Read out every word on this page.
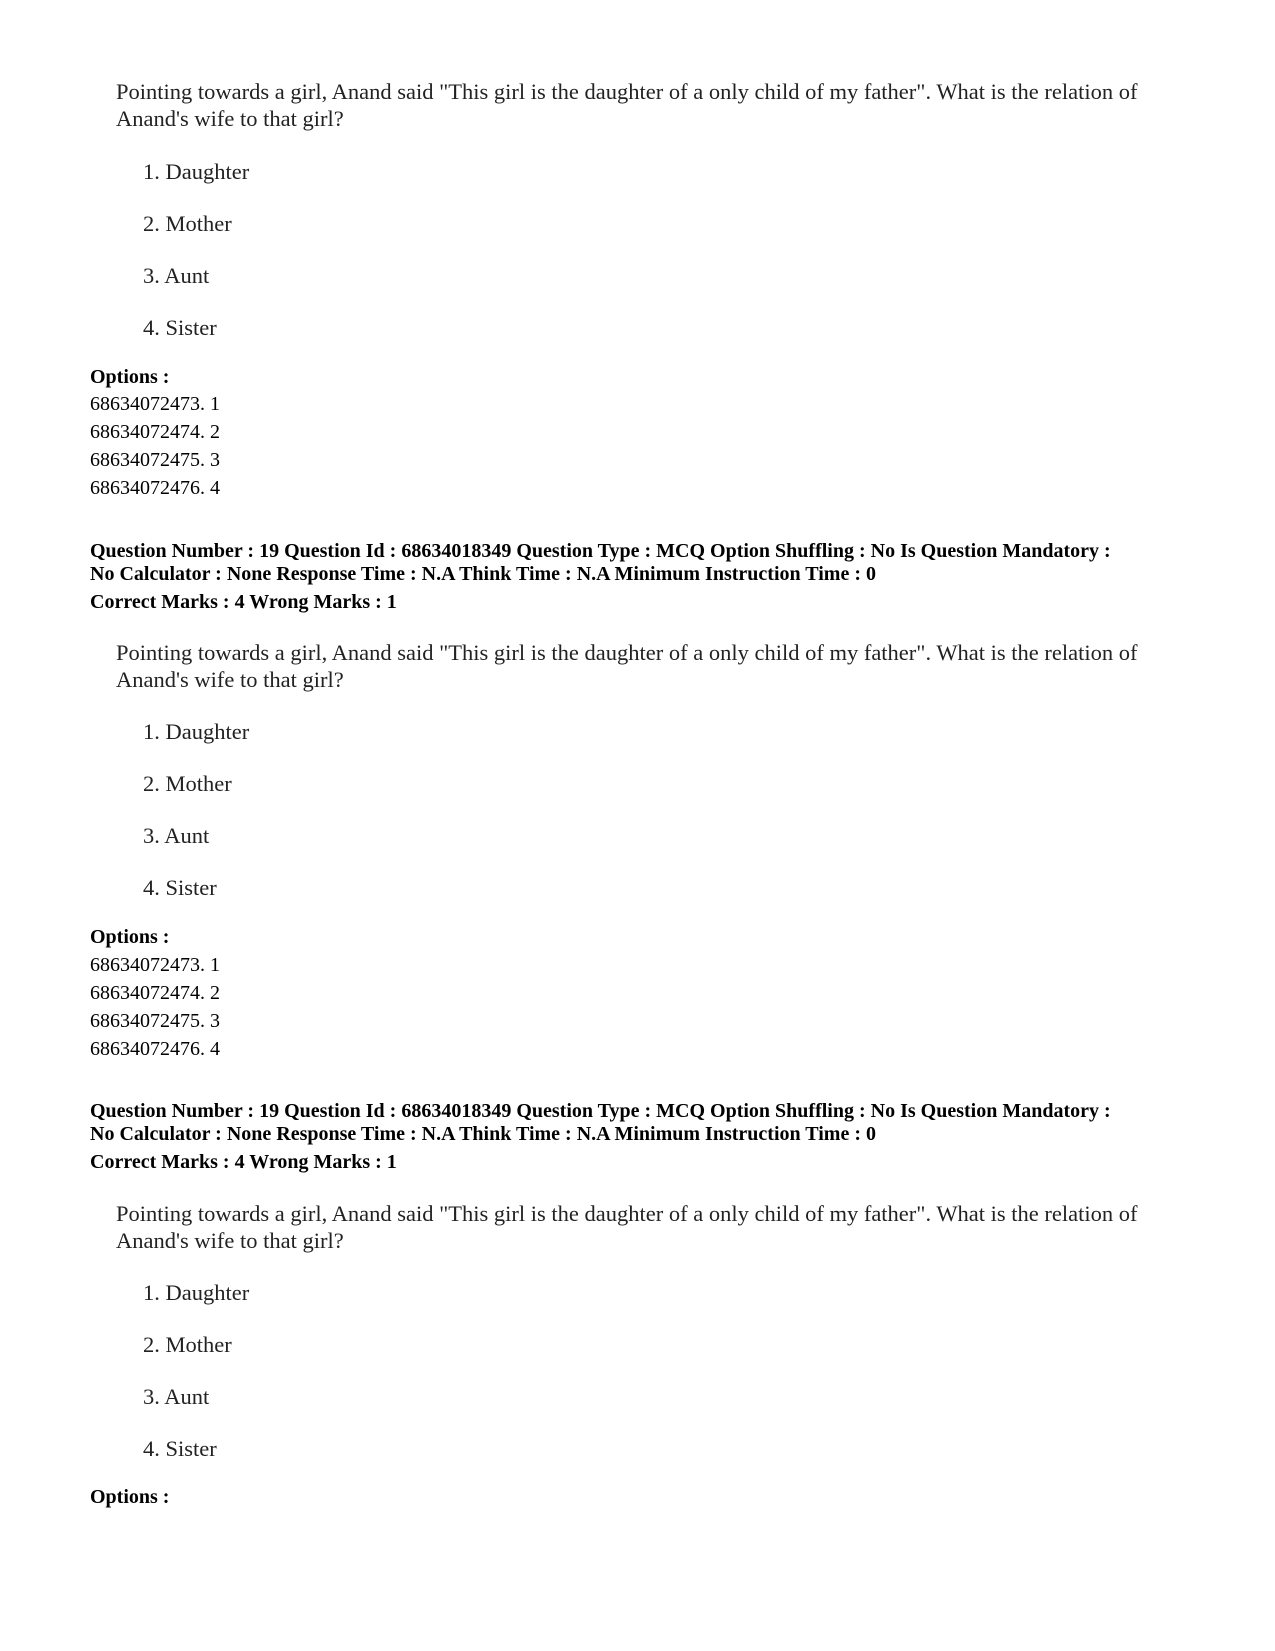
Pointing towards a girl, Anand said "This girl is the daughter of a only child of my father". What is the relation of Anand's wife to that girl?
1. Daughter
2. Mother
3. Aunt
4. Sister
Options :
68634072473. 1
68634072474. 2
68634072475. 3
68634072476. 4
Question Number : 19 Question Id : 68634018349 Question Type : MCQ Option Shuffling : No Is Question Mandatory :
No Calculator : None Response Time : N.A Think Time : N.A Minimum Instruction Time : 0
Correct Marks : 4 Wrong Marks : 1
Pointing towards a girl, Anand said "This girl is the daughter of a only child of my father". What is the relation of Anand's wife to that girl?
1. Daughter
2. Mother
3. Aunt
4. Sister
Options :
68634072473. 1
68634072474. 2
68634072475. 3
68634072476. 4
Question Number : 19 Question Id : 68634018349 Question Type : MCQ Option Shuffling : No Is Question Mandatory :
No Calculator : None Response Time : N.A Think Time : N.A Minimum Instruction Time : 0
Correct Marks : 4 Wrong Marks : 1
Pointing towards a girl, Anand said "This girl is the daughter of a only child of my father". What is the relation of Anand's wife to that girl?
1. Daughter
2. Mother
3. Aunt
4. Sister
Options :
